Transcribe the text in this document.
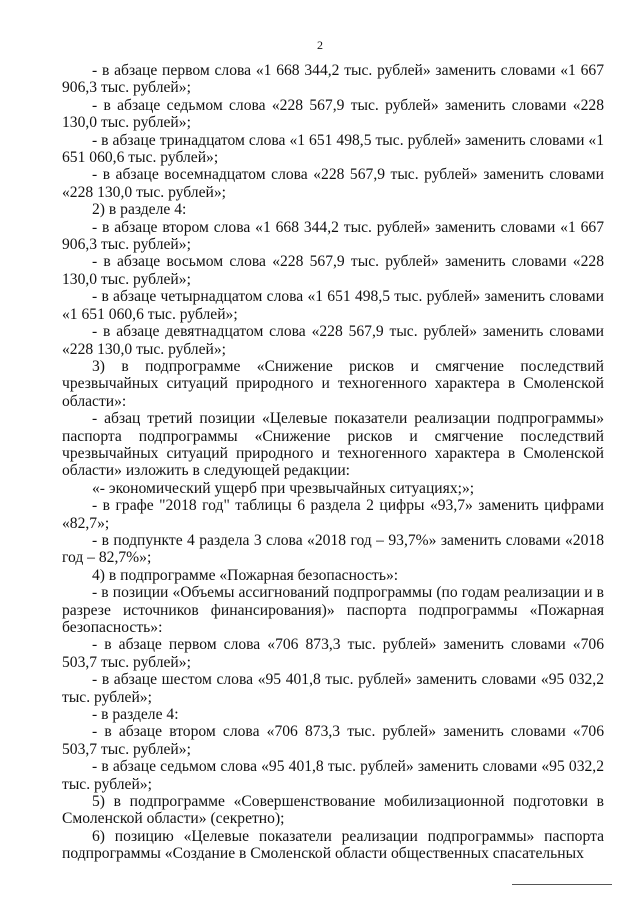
2

- в абзаце первом слова «1 668 344,2 тыс. рублей» заменить словами «1 667 906,3 тыс. рублей»;

- в абзаце седьмом слова «228 567,9 тыс. рублей» заменить словами «228 130,0 тыс. рублей»;

- в абзаце тринадцатом слова «1 651 498,5 тыс. рублей» заменить словами «1 651 060,6 тыс. рублей»;

- в абзаце восемнадцатом слова «228 567,9 тыс. рублей» заменить словами «228 130,0 тыс. рублей»;

2) в разделе 4:

- в абзаце втором слова «1 668 344,2 тыс. рублей» заменить словами «1 667 906,3 тыс. рублей»;

- в абзаце восьмом слова «228 567,9 тыс. рублей» заменить словами «228 130,0 тыс. рублей»;

- в абзаце четырнадцатом слова «1 651 498,5 тыс. рублей» заменить словами «1 651 060,6 тыс. рублей»;

- в абзаце девятнадцатом слова «228 567,9 тыс. рублей» заменить словами «228 130,0 тыс. рублей»;

3) в подпрограмме «Снижение рисков и смягчение последствий чрезвычайных ситуаций природного и техногенного характера в Смоленской области»:

- абзац третий позиции «Целевые показатели реализации подпрограммы» паспорта подпрограммы «Снижение рисков и смягчение последствий чрезвычайных ситуаций природного и техногенного характера в Смоленской области» изложить в следующей редакции:

«- экономический ущерб при чрезвычайных ситуациях;»;

- в графе "2018 год" таблицы 6 раздела 2 цифры «93,7» заменить цифрами «82,7»;

- в подпункте 4 раздела 3 слова «2018 год – 93,7%» заменить словами «2018 год – 82,7%»;

4) в подпрограмме «Пожарная безопасность»:

- в позиции «Объемы ассигнований подпрограммы (по годам реализации и в разрезе источников финансирования)» паспорта подпрограммы «Пожарная безопасность»:

- в абзаце первом слова «706 873,3 тыс. рублей» заменить словами «706 503,7 тыс. рублей»;

- в абзаце шестом слова «95 401,8 тыс. рублей» заменить словами «95 032,2 тыс. рублей»;

- в разделе 4:

- в абзаце втором слова «706 873,3 тыс. рублей» заменить словами «706 503,7 тыс. рублей»;

- в абзаце седьмом слова «95 401,8 тыс. рублей» заменить словами «95 032,2 тыс. рублей»;

5) в подпрограмме «Совершенствование мобилизационной подготовки в Смоленской области» (секретно);

6) позицию «Целевые показатели реализации подпрограммы» паспорта подпрограммы «Создание в Смоленской области общественных спасательных
